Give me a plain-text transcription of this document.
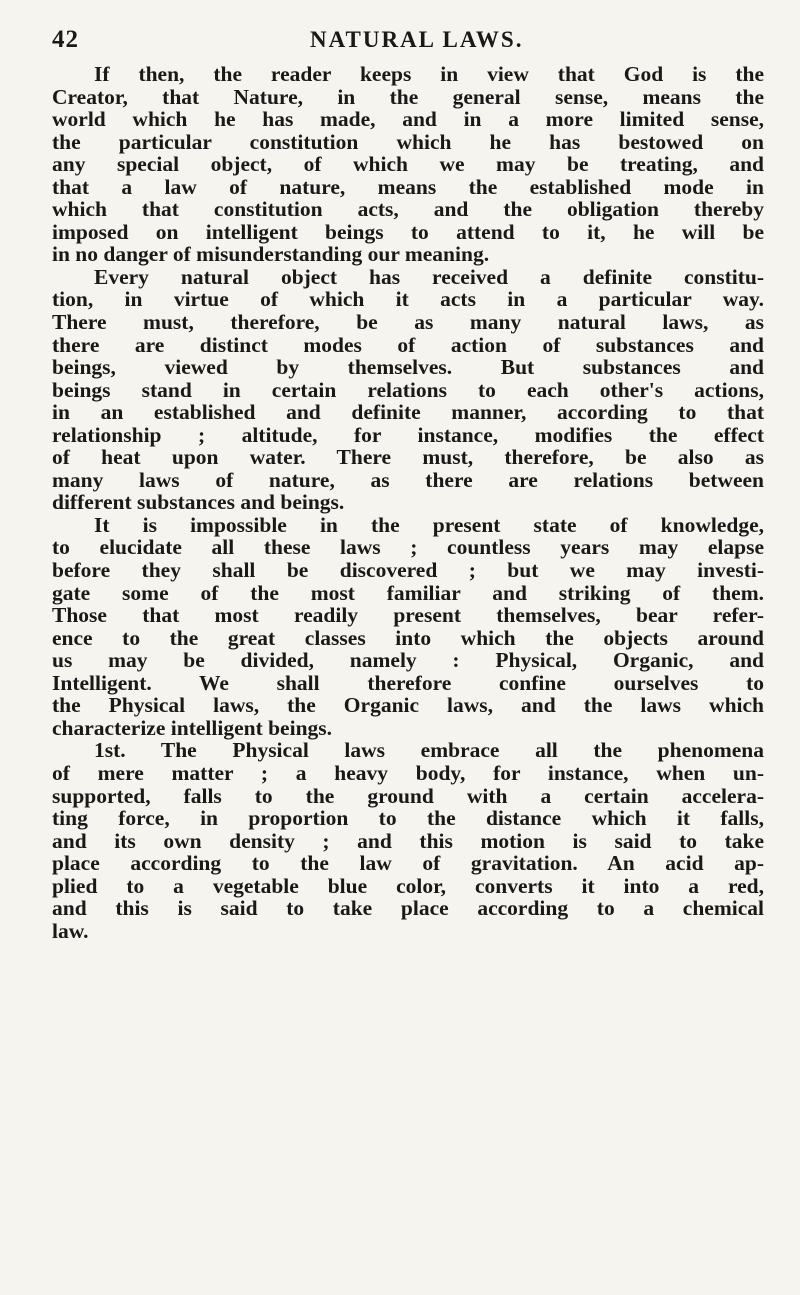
42	NATURAL LAWS.
If then, the reader keeps in view that God is the
Creator, that Nature, in the general sense, means the
world which he has made, and in a more limited sense,
the particular constitution which he has bestowed on
any special object, of which we may be treating, and
that a law of nature, means the established mode in
which that constitution acts, and the obligation thereby
imposed on intelligent beings to attend to it, he will be
in no danger of misunderstanding our meaning.
Every natural object has received a definite constitu-
tion, in virtue of which it acts in a particular way.
There must, therefore, be as many natural laws, as
there are distinct modes of action of substances and
beings, viewed by themselves. But substances and
beings stand in certain relations to each other's actions,
in an established and definite manner, according to that
relationship ; altitude, for instance, modifies the effect
of heat upon water. There must, therefore, be also as
many laws of nature, as there are relations between
different substances and beings.
It is impossible in the present state of knowledge,
to elucidate all these laws ; countless years may elapse
before they shall be discovered ; but we may investi-
gate some of the most familiar and striking of them.
Those that most readily present themselves, bear refer-
ence to the great classes into which the objects around
us may be divided, namely : Physical, Organic, and
Intelligent. We shall therefore confine ourselves to
the Physical laws, the Organic laws, and the laws which
characterize intelligent beings.
1st. The Physical laws embrace all the phenomena
of mere matter ; a heavy body, for instance, when un-
supported, falls to the ground with a certain accelera-
ting force, in proportion to the distance which it falls,
and its own density ; and this motion is said to take
place according to the law of gravitation. An acid ap-
plied to a vegetable blue color, converts it into a red,
and this is said to take place according to a chemical
law.
